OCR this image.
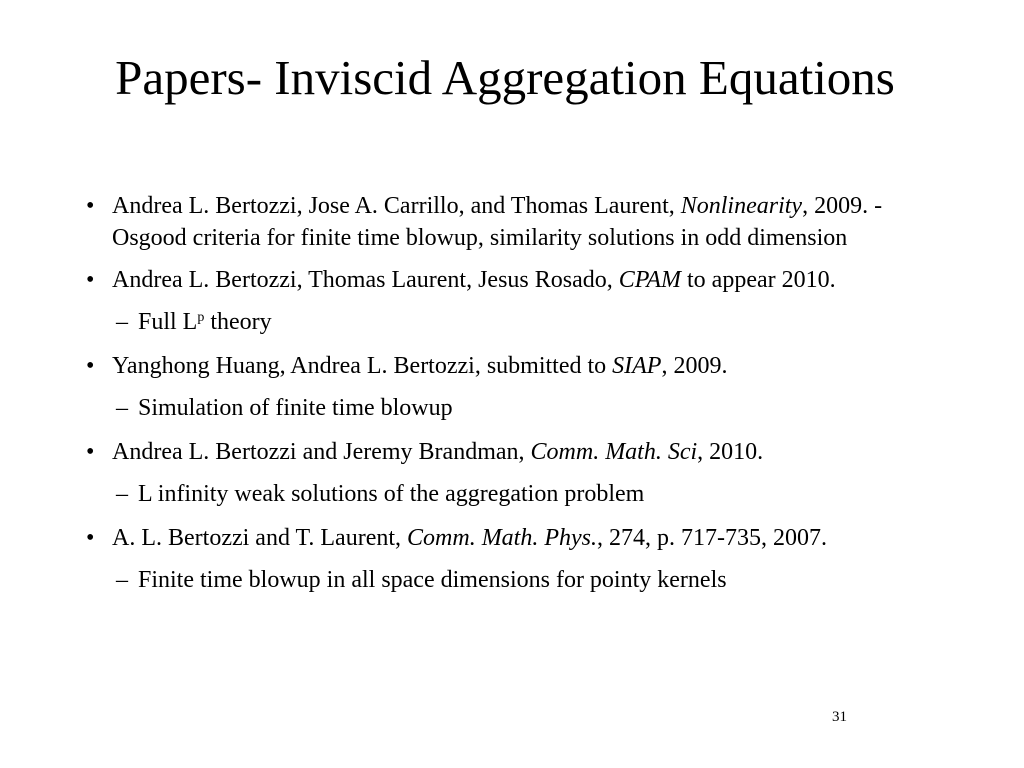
Papers- Inviscid Aggregation Equations
• Andrea L. Bertozzi, Jose A. Carrillo, and Thomas Laurent, Nonlinearity, 2009. - Osgood criteria for finite time blowup, similarity solutions in odd dimension
• Andrea L. Bertozzi, Thomas Laurent, Jesus Rosado, CPAM to appear 2010.
– Full $L^p$ theory
• Yanghong Huang, Andrea L. Bertozzi, submitted to SIAP, 2009.
– Simulation of finite time blowup
• Andrea L. Bertozzi and Jeremy Brandman, Comm. Math. Sci, 2010.
– L infinity weak solutions of the aggregation problem
• A. L. Bertozzi and T. Laurent, Comm. Math. Phys., 274, p. 717-735, 2007.
– Finite time blowup in all space dimensions for pointy kernels
31
